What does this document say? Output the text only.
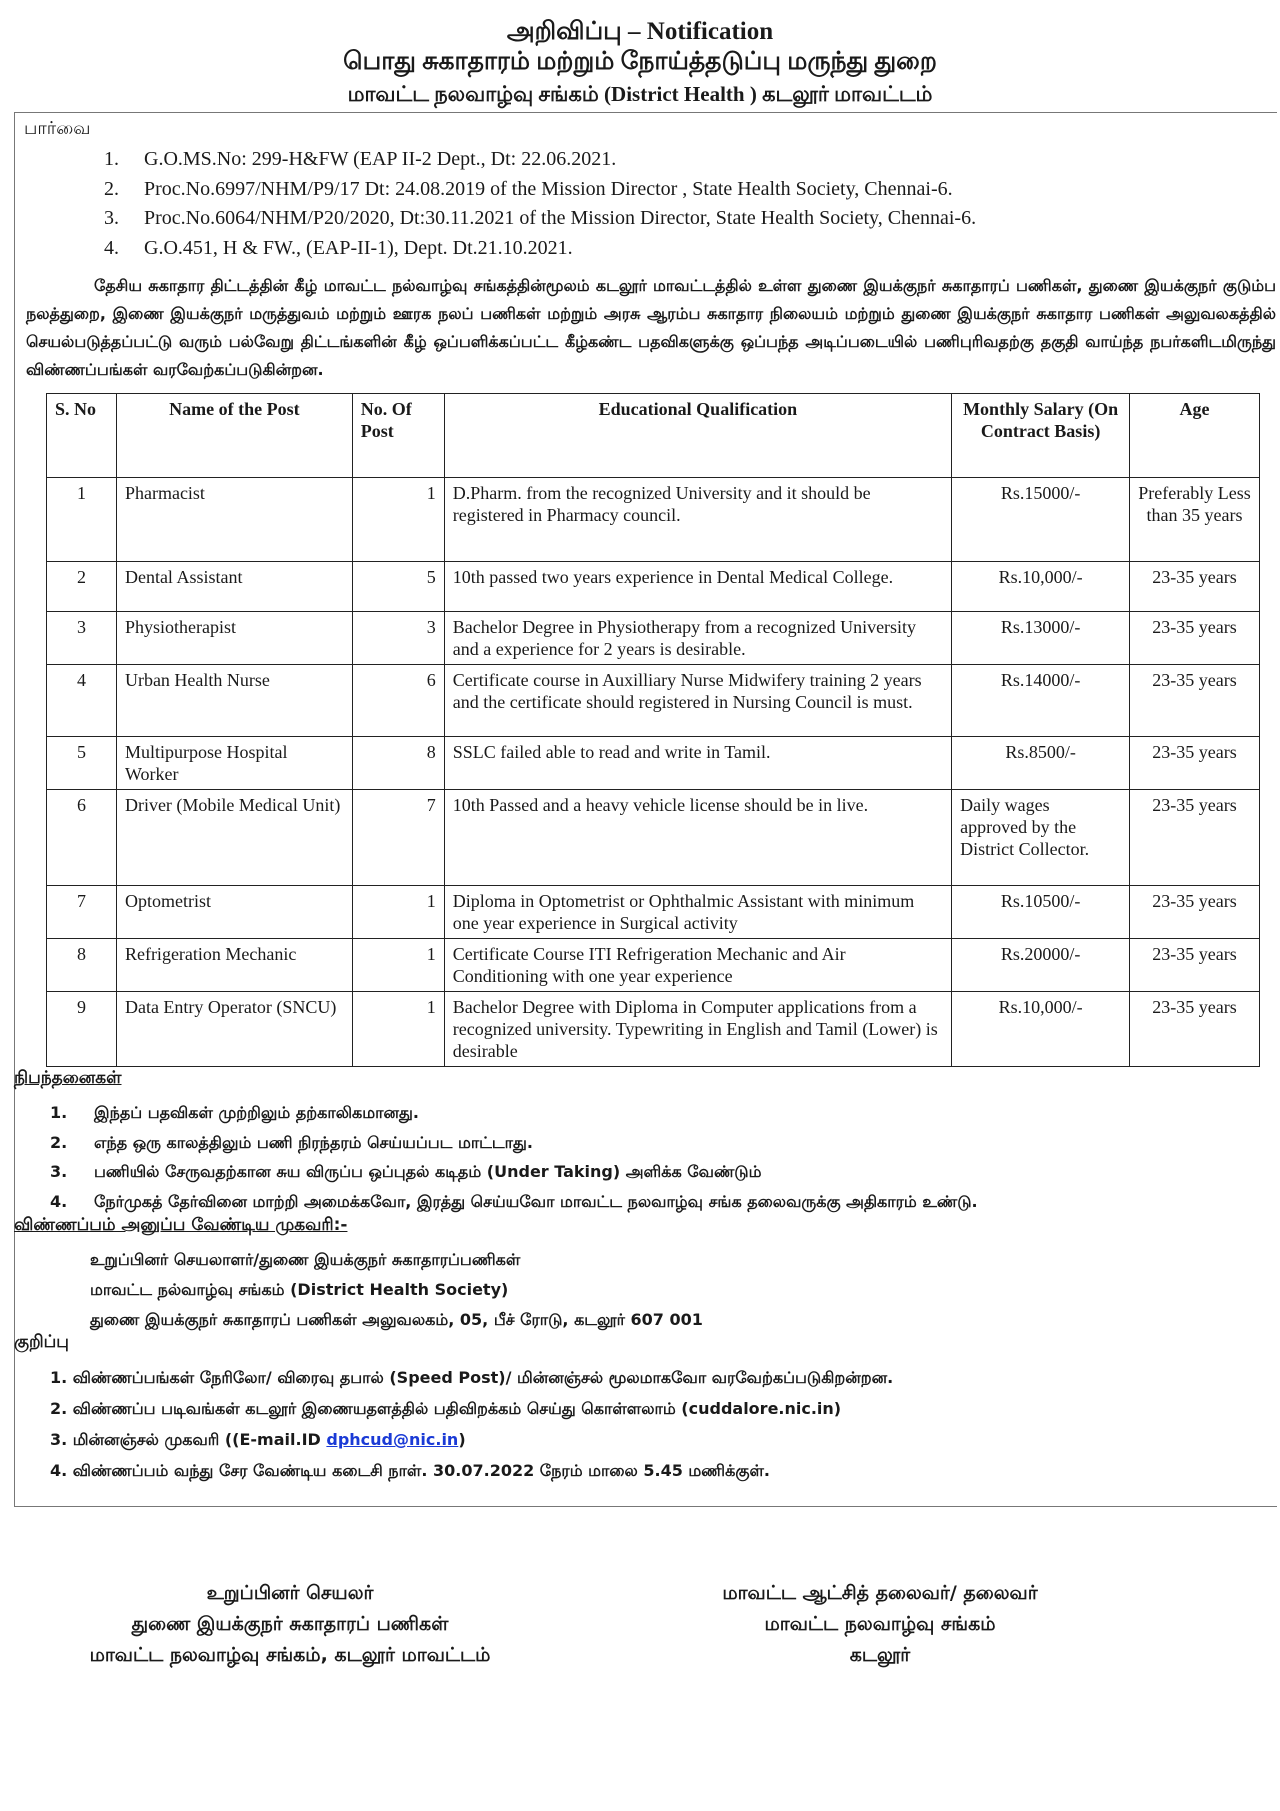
அறிவிப்பு – Notification
பொது சுகாதாரம் மற்றும் நோய்த்தடுப்பு மருந்து துறை
மாவட்ட நலவாழ்வு சங்கம் (District Health ) கடலூர் மாவட்டம்
பார்வை
1. G.O.MS.No: 299-H&FW (EAP II-2 Dept., Dt: 22.06.2021.
2. Proc.No.6997/NHM/P9/17 Dt: 24.08.2019 of the Mission Director , State Health Society, Chennai-6.
3. Proc.No.6064/NHM/P20/2020, Dt:30.11.2021 of the Mission Director, State Health Society, Chennai-6.
4. G.O.451, H & FW., (EAP-II-1), Dept. Dt.21.10.2021.
தேசிய சுகாதார திட்டத்தின் கீழ் மாவட்ட நல்வாழ்வு சங்கத்தின்மூலம் கடலூர் மாவட்டத்தில் உள்ள துணை இயக்குநர் சுகாதாரப் பணிகள், துணை இயக்குநர் குடும்ப நலத்துறை, இணை இயக்குநர் மருத்துவம் மற்றும் ஊரக நலப் பணிகள் மற்றும் அரசு ஆரம்ப சுகாதார நிலையம் மற்றும் துணை இயக்குநர் சுகாதார பணிகள் அலுவலகத்தில் செயல்படுத்தப்பட்டு வரும் பல்வேறு திட்டங்களின் கீழ் ஒப்பளிக்கப்பட்ட கீழ்கண்ட பதவிகளுக்கு ஒப்பந்த அடிப்படையில் பணிபுரிவதற்கு தகுதி வாய்ந்த நபர்களிடமிருந்து விண்ணப்பங்கள் வரவேற்கப்படுகின்றன.
S. No	Name of the Post	No. Of Post	Educational Qualification	Monthly Salary (On Contract Basis)	Age
1	Pharmacist	1	D.Pharm. from the recognized University and it should be registered in Pharmacy council.	Rs.15000/-	Preferably Less than 35 years
2	Dental Assistant	5	10th passed two years experience in Dental Medical College.	Rs.10,000/-	23-35 years
3	Physiotherapist	3	Bachelor Degree in Physiotherapy from a recognized University and a experience for 2 years is desirable.	Rs.13000/-	23-35 years
4	Urban Health Nurse	6	Certificate course in Auxilliary Nurse Midwifery training 2 years and the certificate should registered in Nursing Council is must.	Rs.14000/-	23-35 years
5	Multipurpose Hospital Worker	8	SSLC failed able to read and write in Tamil.	Rs.8500/-	23-35 years
6	Driver (Mobile Medical Unit)	7	10th Passed and a heavy vehicle license should be in live.	Daily wages approved by the District Collector.	23-35 years
7	Optometrist	1	Diploma in Optometrist or Ophthalmic Assistant with minimum one year experience in Surgical activity	Rs.10500/-	23-35 years
8	Refrigeration Mechanic	1	Certificate Course ITI Refrigeration Mechanic and Air Conditioning with one year experience	Rs.20000/-	23-35 years
9	Data Entry Operator (SNCU)	1	Bachelor Degree with Diploma in Computer applications from a recognized university. Typewriting in English and Tamil (Lower) is desirable	Rs.10,000/-	23-35 years
நிபந்தனைகள்
1. இந்தப் பதவிகள் முற்றிலும் தற்காலிகமானது.
2. எந்த ஒரு காலத்திலும் பணி நிரந்தரம் செய்யப்பட மாட்டாது.
3. பணியில் சேருவதற்கான சுய விருப்ப ஒப்புதல் கடிதம் (Under Taking) அளிக்க வேண்டும்
4. நேர்முகத் தேர்வினை மாற்றி அமைக்கவோ, இரத்து செய்யவோ மாவட்ட நலவாழ்வு சங்க தலைவருக்கு அதிகாரம் உண்டு.
விண்ணப்பம் அனுப்ப வேண்டிய முகவரி:-
உறுப்பினர் செயலாளர்/துணை இயக்குநர் சுகாதாரப்பணிகள்
மாவட்ட நல்வாழ்வு சங்கம் (District Health Society)
துணை இயக்குநர் சுகாதாரப் பணிகள் அலுவலகம், 05, பீச் ரோடு, கடலூர் 607 001
குறிப்பு
1. விண்ணப்பங்கள் நேரிலோ/ விரைவு தபால் (Speed Post)/ மின்னஞ்சல் மூலமாகவோ வரவேற்கப்படுகிறன்றன.
2. விண்ணப்ப படிவங்கள் கடலூர் இணையதளத்தில் பதிவிறக்கம் செய்து கொள்ளலாம் (cuddalore.nic.in)
3. மின்னஞ்சல் முகவரி ((E-mail.ID dphcud@nic.in)
4. விண்ணப்பம் வந்து சேர வேண்டிய கடைசி நாள். 30.07.2022 நேரம் மாலை 5.45 மணிக்குள்.
உறுப்பினர் செயலர்
துணை இயக்குநர் சுகாதாரப் பணிகள்
மாவட்ட நலவாழ்வு சங்கம், கடலூர் மாவட்டம்
மாவட்ட ஆட்சித் தலைவர்/ தலைவர்
மாவட்ட நலவாழ்வு சங்கம்
கடலூர்
